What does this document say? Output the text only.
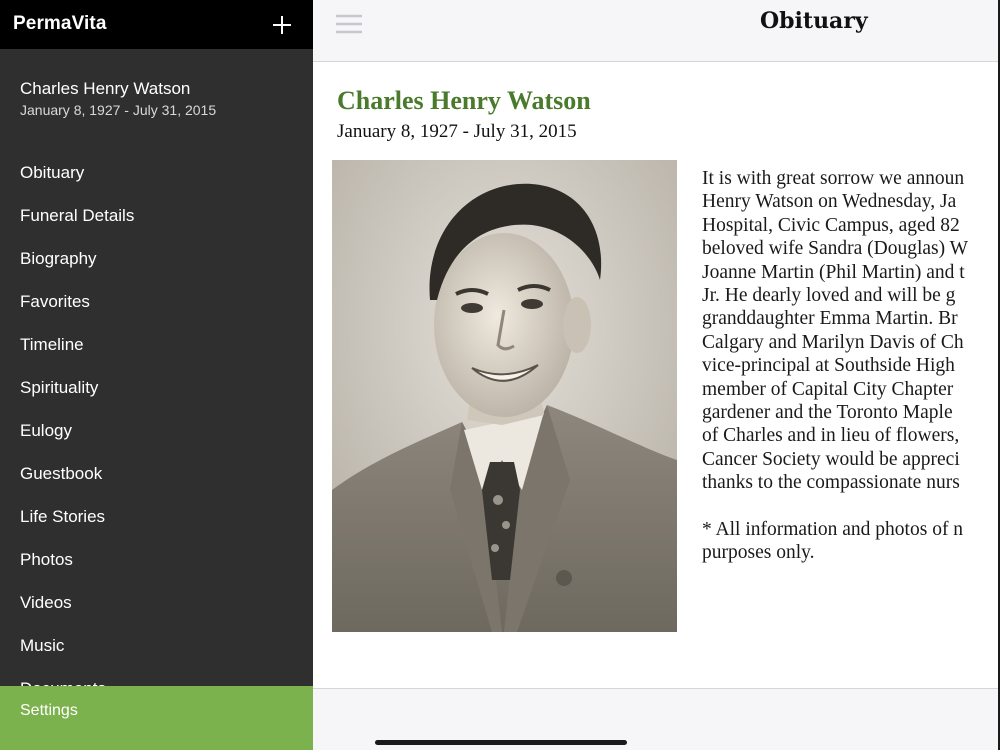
PermaVita
Charles Henry Watson
January 8, 1927 - July 31, 2015
Obituary
Funeral Details
Biography
Favorites
Timeline
Spirituality
Eulogy
Guestbook
Life Stories
Photos
Videos
Music
Settings
Obituary
Charles Henry Watson
January 8, 1927 - July 31, 2015
It is with great sorrow we announ
Henry Watson on Wednesday, Ja
Hospital, Civic Campus, aged 82
beloved wife Sandra (Douglas) W
Joanne Martin (Phil Martin) and t
Jr. He dearly loved and will be g
granddaughter Emma Martin. Br
Calgary and Marilyn Davis of Ch
vice-principal at Southside High
member of Capital City Chapter
gardener and the Toronto Maple
of Charles and in lieu of flowers,
Cancer Society would be appreci
thanks to the compassionate nurs
* All information and photos of n
purposes only.
